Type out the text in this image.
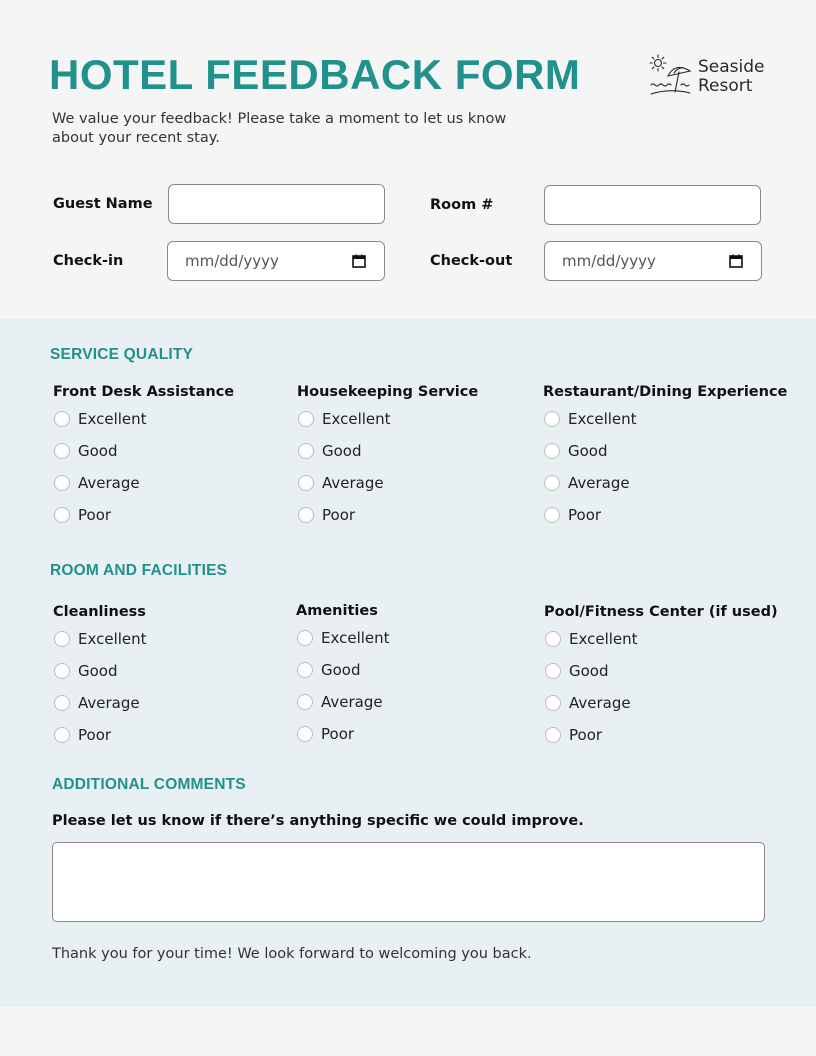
HOTEL FEEDBACK FORM
We value your feedback! Please take a moment to let us know about your recent stay.
Seaside
Resort
Guest Name	Room #
Check-in	mm/dd/yyyy	Check-out	mm/dd/yyyy
SERVICE QUALITY
Front Desk Assistance
Excellent
Good
Average
Poor
Housekeeping Service
Excellent
Good
Average
Poor
Restaurant/Dining Experience
Excellent
Good
Average
Poor
ROOM AND FACILITIES
Cleanliness
Excellent
Good
Average
Poor
Amenities
Excellent
Good
Average
Poor
Pool/Fitness Center (if used)
Excellent
Good
Average
Poor
ADDITIONAL COMMENTS
Please let us know if there’s anything specific we could improve.
Thank you for your time! We look forward to welcoming you back.
